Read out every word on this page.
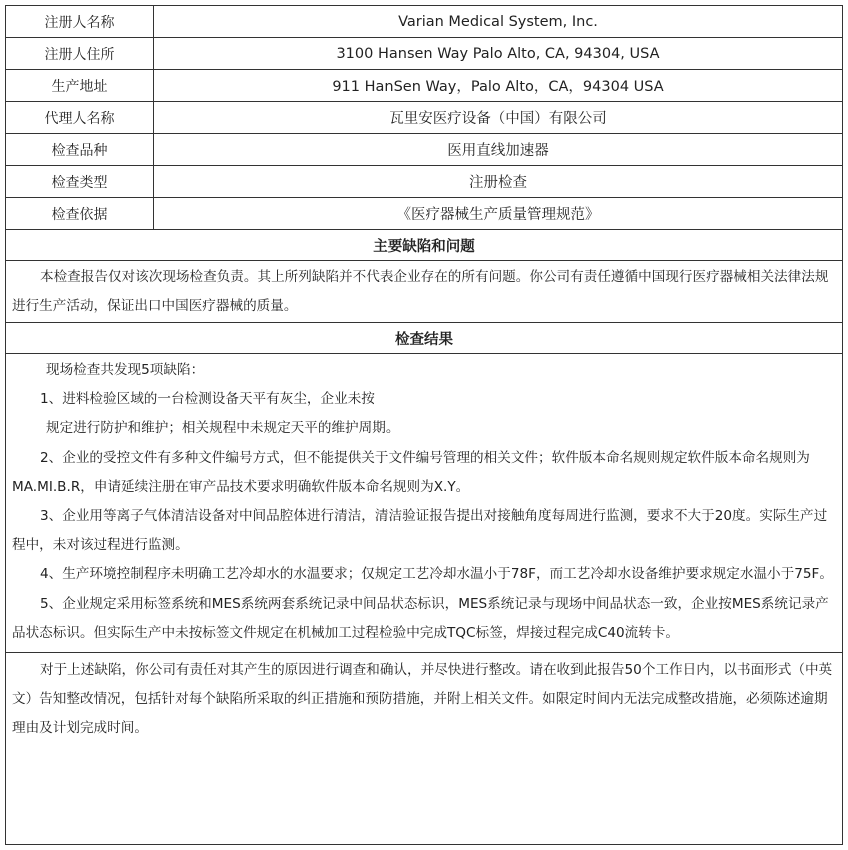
注册人名称	Varian Medical System, Inc.
注册人住所	3100 Hansen Way Palo Alto, CA, 94304, USA
生产地址	911 HanSen Way，Palo Alto，CA，94304 USA
代理人名称	瓦里安医疗设备（中国）有限公司
检查品种	医用直线加速器
检查类型	注册检查
检查依据	《医疗器械生产质量管理规范》
主要缺陷和问题
本检查报告仅对该次现场检查负责。其上所列缺陷并不代表企业存在的所有问题。你公司有责任遵循中国现行医疗器械相关法律法规进行生产活动，保证出口中国医疗器械的质量。
检查结果
现场检查共发现5项缺陷：
1、进料检验区域的一台检测设备天平有灰尘，企业未按
规定进行防护和维护；相关规程中未规定天平的维护周期。
2、企业的受控文件有多种文件编号方式，但不能提供关于文件编号管理的相关文件；软件版本命名规则规定软件版本命名规则为MA.MI.B.R，申请延续注册在审产品技术要求明确软件版本命名规则为X.Y。
3、企业用等离子气体清洁设备对中间品腔体进行清洁，清洁验证报告提出对接触角度每周进行监测，要求不大于20度。实际生产过程中，未对该过程进行监测。
4、生产环境控制程序未明确工艺冷却水的水温要求；仅规定工艺冷却水温小于78F，而工艺冷却水设备维护要求规定水温小于75F。
5、企业规定采用标签系统和MES系统两套系统记录中间品状态标识，MES系统记录与现场中间品状态一致，企业按MES系统记录产品状态标识。但实际生产中未按标签文件规定在机械加工过程检验中完成TQC标签，焊接过程完成C40流转卡。
对于上述缺陷，你公司有责任对其产生的原因进行调查和确认，并尽快进行整改。请在收到此报告50个工作日内，以书面形式（中英文）告知整改情况，包括针对每个缺陷所采取的纠正措施和预防措施，并附上相关文件。如限定时间内无法完成整改措施，必须陈述逾期理由及计划完成时间。
